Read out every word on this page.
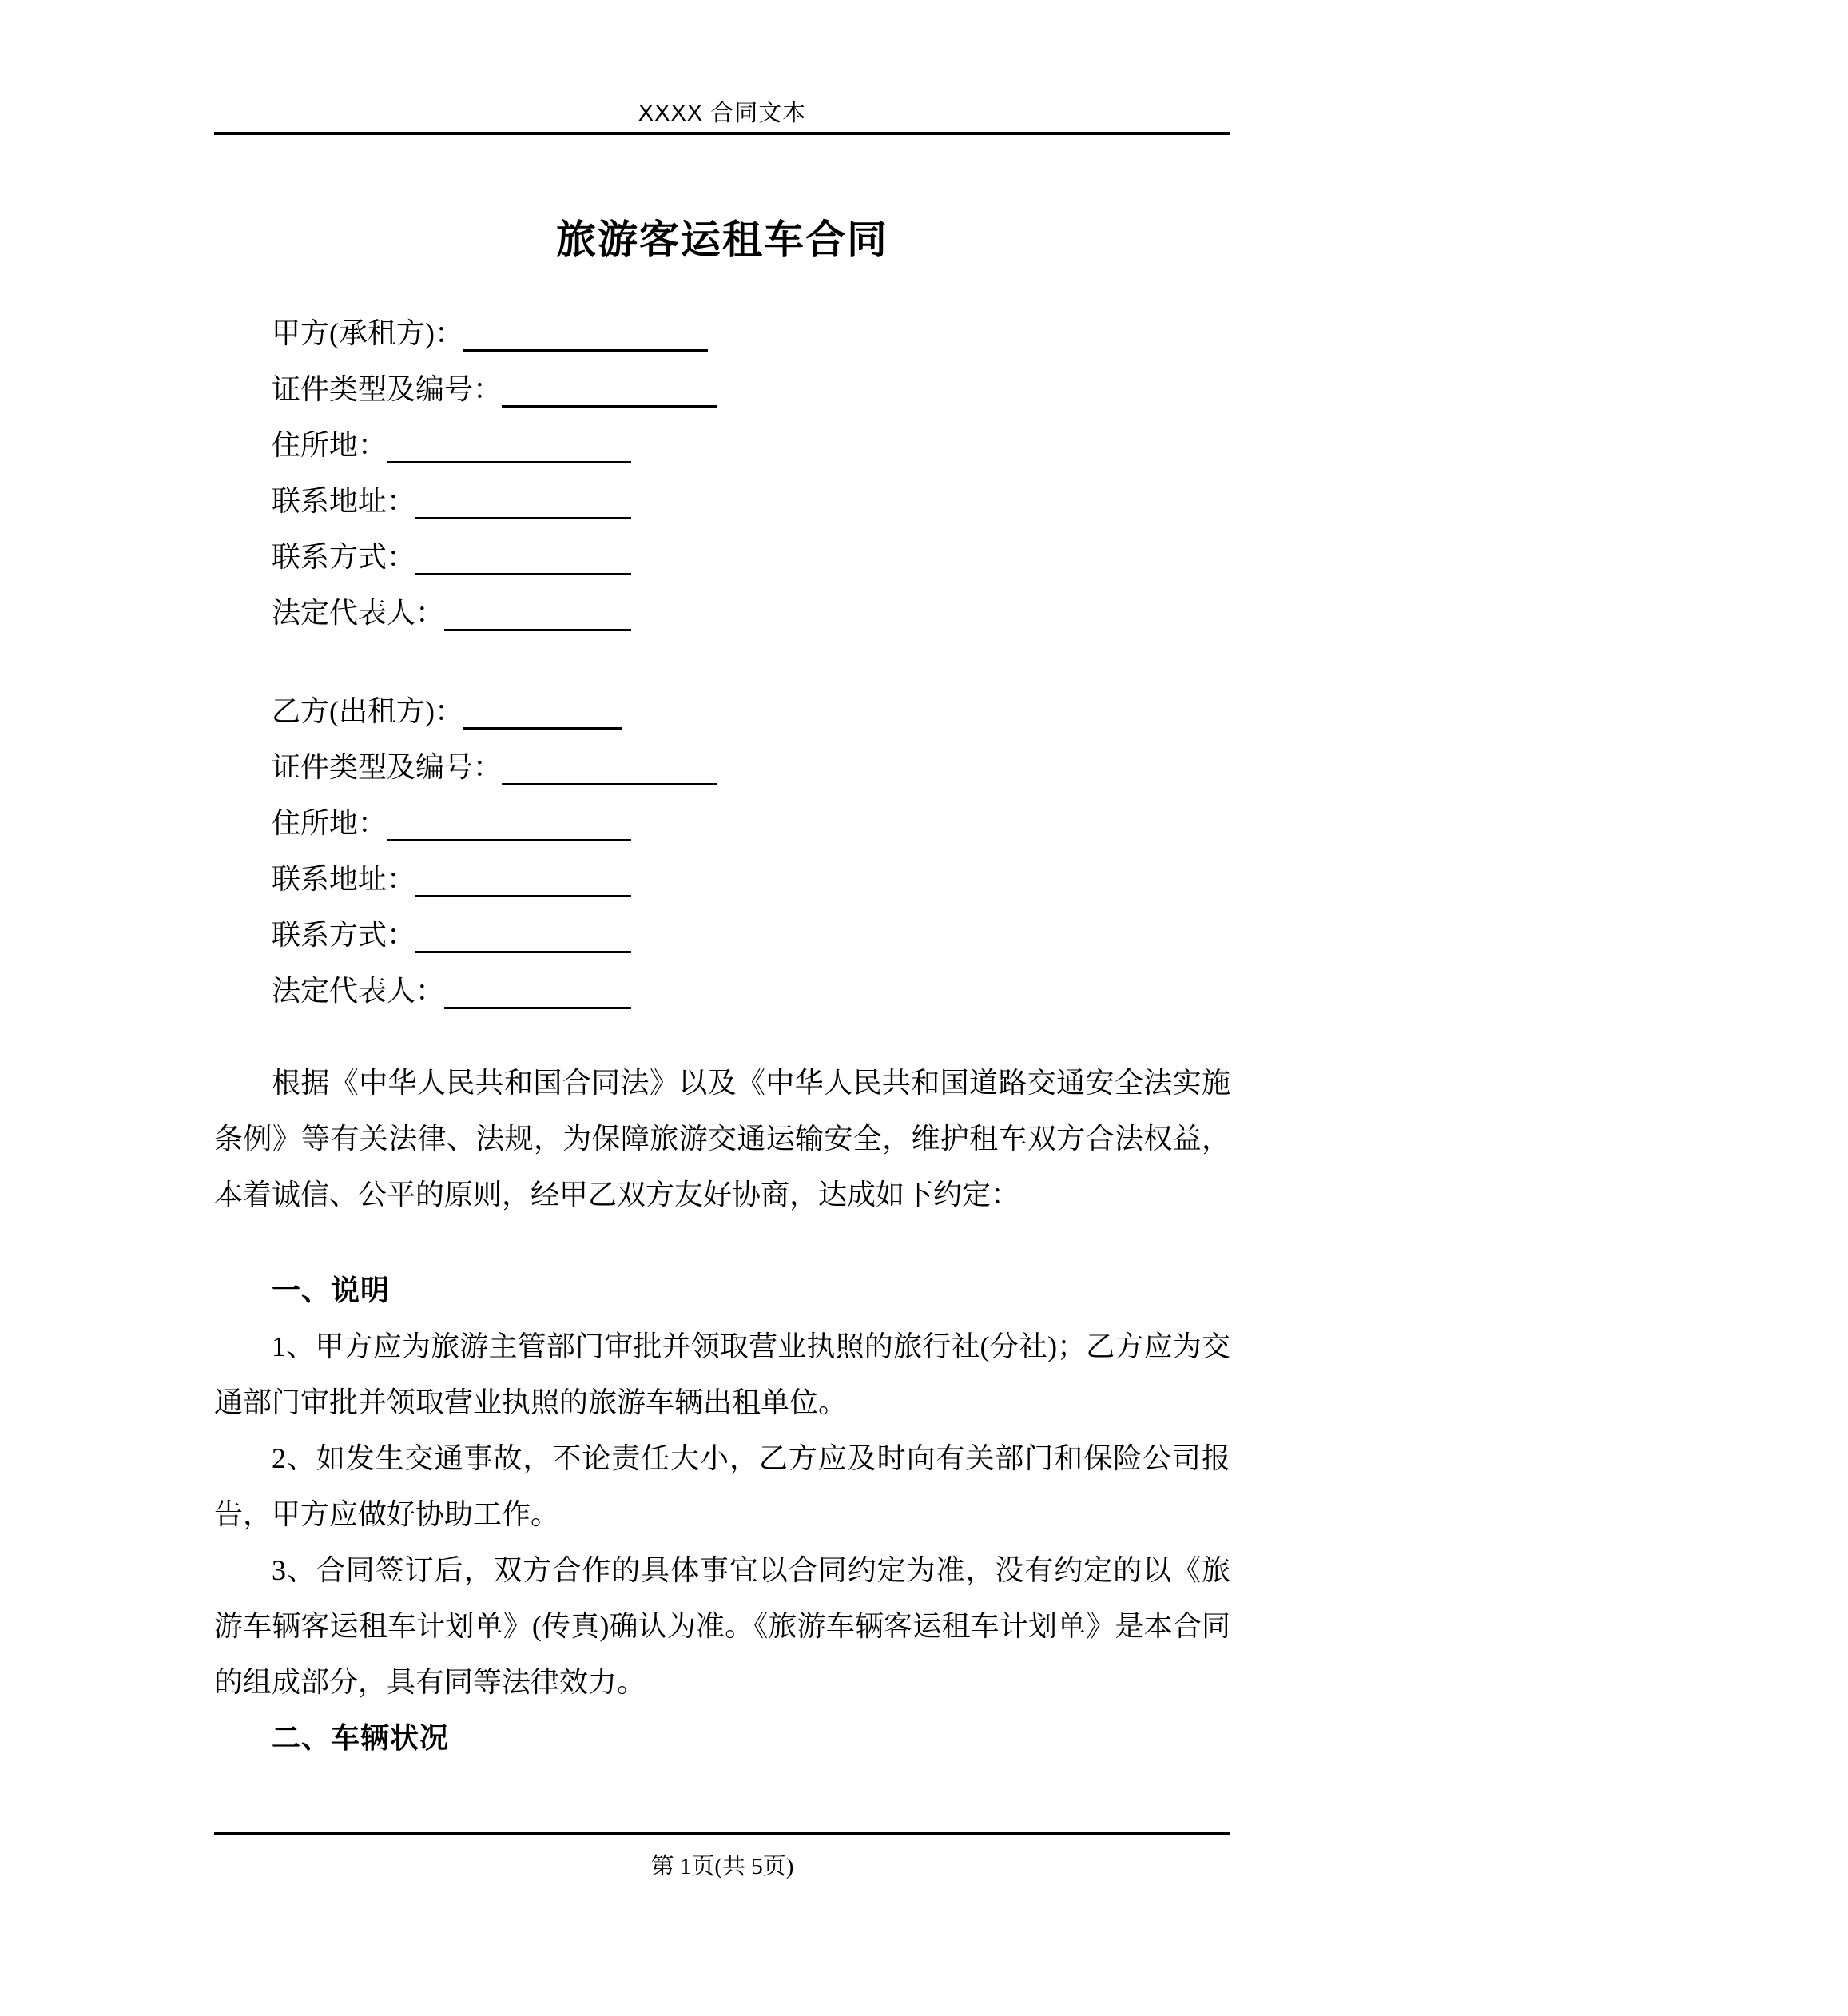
XXXX 合同文本
旅游客运租车合同
甲方(承租方)：
证件类型及编号：
住所地：
联系地址：
联系方式：
法定代表人：
乙方(出租方)：
证件类型及编号：
住所地：
联系地址：
联系方式：
法定代表人：

根据《中华人民共和国合同法》以及《中华人民共和国道路交通安全法实施条例》等有关法律、法规，为保障旅游交通运输安全，维护租车双方合法权益，本着诚信、公平的原则，经甲乙双方友好协商，达成如下约定：

一、说明

1、甲方应为旅游主管部门审批并领取营业执照的旅行社(分社)；乙方应为交通部门审批并领取营业执照的旅游车辆出租单位。

2、如发生交通事故，不论责任大小，乙方应及时向有关部门和保险公司报告，甲方应做好协助工作。

3、合同签订后，双方合作的具体事宜以合同约定为准，没有约定的以《旅游车辆客运租车计划单》(传真)确认为准。《旅游车辆客运租车计划单》是本合同的组成部分，具有同等法律效力。

二、车辆状况

第 1页(共 5页)
